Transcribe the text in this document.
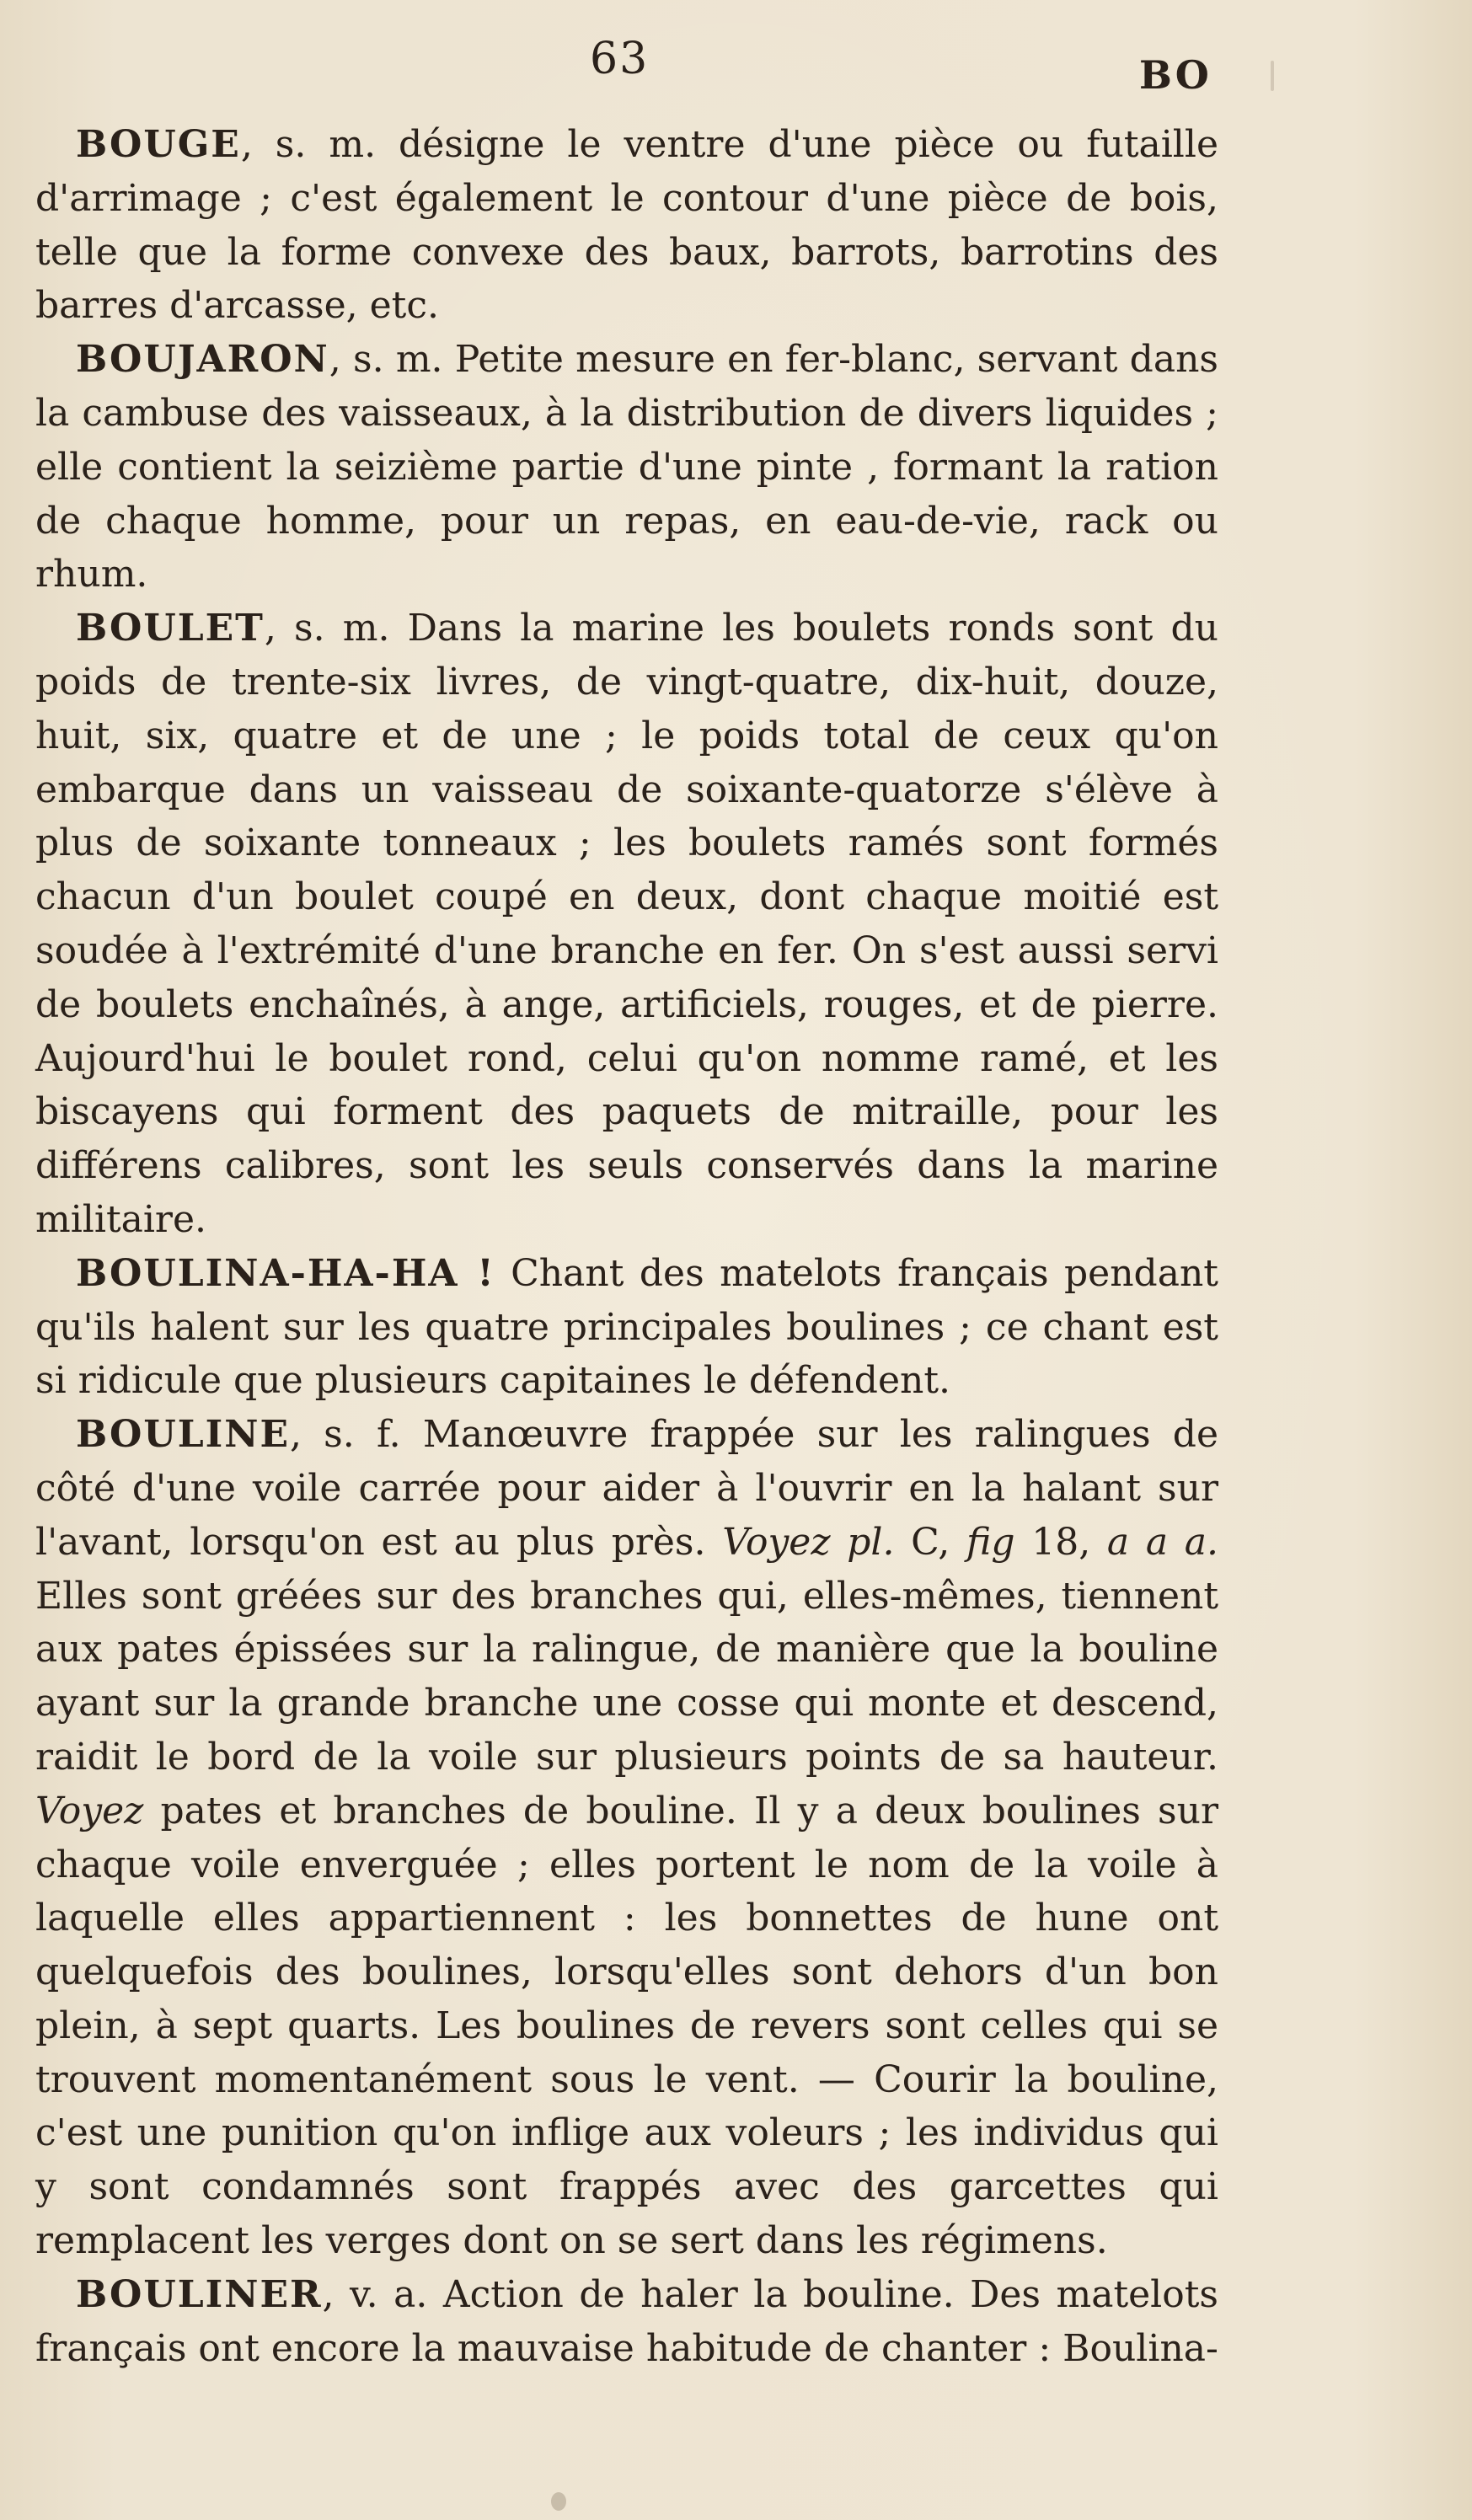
63	BO

BOUGE, s. m. désigne le ventre d'une pièce ou futaille d'arrimage ; c'est également le contour d'une pièce de bois, telle que la forme convexe des baux, barrots, barrotins des barres d'arcasse, etc.

BOUJARON, s. m. Petite mesure en fer-blanc, servant dans la cambuse des vaisseaux, à la distribution de divers liquides ; elle contient la seizième partie d'une pinte , formant la ration de chaque homme, pour un repas, en eau-de-vie, rack ou rhum.

BOULET, s. m. Dans la marine les boulets ronds sont du poids de trente-six livres, de vingt-quatre, dix-huit, douze, huit, six, quatre et de une ; le poids total de ceux qu'on embarque dans un vaisseau de soixante-quatorze s'élève à plus de soixante tonneaux ; les boulets ramés sont formés chacun d'un boulet coupé en deux, dont chaque moitié est soudée à l'extrémité d'une branche en fer. On s'est aussi servi de boulets enchaînés, à ange, artificiels, rouges, et de pierre. Aujourd'hui le boulet rond, celui qu'on nomme ramé, et les biscayens qui forment des paquets de mitraille, pour les différens calibres, sont les seuls conservés dans la marine militaire.

BOULINA-HA-HA ! Chant des matelots français pendant qu'ils halent sur les quatre principales boulines ; ce chant est si ridicule que plusieurs capitaines le défendent.

BOULINE, s. f. Manœuvre frappée sur les ralingues de côté d'une voile carrée pour aider à l'ouvrir en la halant sur l'avant, lorsqu'on est au plus près. Voyez pl. C, fig 18, a a a. Elles sont gréées sur des branches qui, elles-mêmes, tiennent aux pates épissées sur la ralingue, de manière que la bouline ayant sur la grande branche une cosse qui monte et descend, raidit le bord de la voile sur plusieurs points de sa hauteur. Voyez pates et branches de bouline. Il y a deux boulines sur chaque voile enverguée ; elles portent le nom de la voile à laquelle elles appartiennent : les bonnettes de hune ont quelquefois des boulines, lorsqu'elles sont dehors d'un bon plein, à sept quarts. Les boulines de revers sont celles qui se trouvent momentanément sous le vent. — Courir la bouline, c'est une punition qu'on inflige aux voleurs ; les individus qui y sont condamnés sont frappés avec des garcettes qui remplacent les verges dont on se sert dans les régimens.

BOULINER, v. a. Action de haler la bouline. Des matelots français ont encore la mauvaise habitude de chanter : Boulina-
